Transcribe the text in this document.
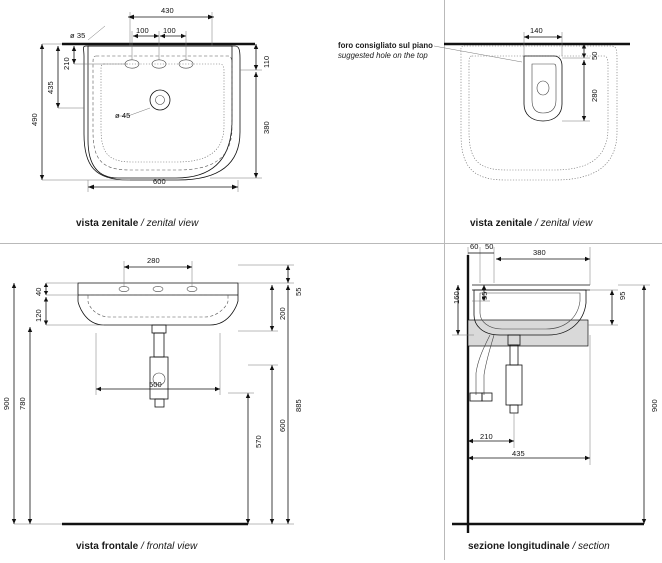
430
ø 35
100 100
210
435
490	ø 45
110
380
600
vista zenitale / zenital view
140
50
280
foro consigliato sul piano
suggested hole on the top
vista zenitale / zenital view
280
40
120
900 780
500
55
200
885
600
570
vista frontale / frontal view
60 50
380
55
160	95
900
210
435
sezione longitudinale / section
